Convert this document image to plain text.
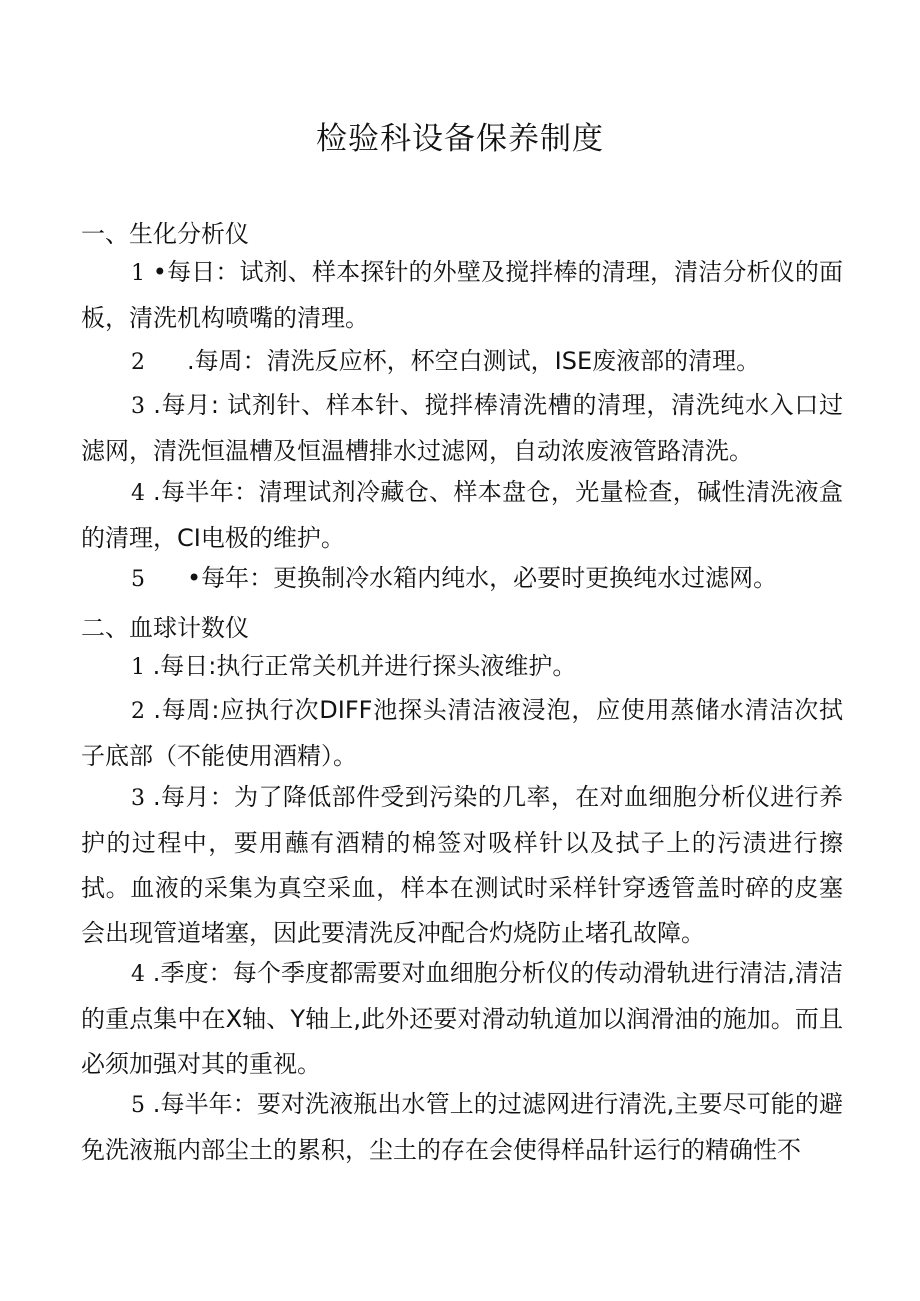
检验科设备保养制度
一、生化分析仪

1 •每日：试剂、样本探针的外壁及搅拌棒的清理，清洁分析仪的面板，清洗机构喷嘴的清理。

2 .每周：清洗反应杯，杯空白测试，ISE废液部的清理。

3 .每月: 试剂针、样本针、搅拌棒清洗槽的清理，清洗纯水入口过滤网，清洗恒温槽及恒温槽排水过滤网，自动浓废液管路清洗。

4 .每半年：清理试剂冷藏仓、样本盘仓，光量检查，碱性清洗液盒的清理，CI电极的维护。

5 •每年：更换制冷水箱内纯水，必要时更换纯水过滤网。

二、血球计数仪

1 .每日:执行正常关机并进行探头液维护。

2 .每周:应执行次DIFF池探头清洁液浸泡，应使用蒸储水清洁次拭子底部（不能使用酒精）。

3 .每月：为了降低部件受到污染的几率，在对血细胞分析仪进行养护的过程中，要用蘸有酒精的棉签对吸样针以及拭子上的污渍进行擦拭。血液的采集为真空采血，样本在测试时采样针穿透管盖时碎的皮塞会出现管道堵塞，因此要清洗反冲配合灼烧防止堵孔故障。

4 .季度：每个季度都需要对血细胞分析仪的传动滑轨进行清洁,清洁的重点集中在X轴、Y轴上,此外还要对滑动轨道加以润滑油的施加。而且必须加强对其的重视。

5 .每半年：要对洗液瓶出水管上的过滤网进行清洗,主要尽可能的避免洗液瓶内部尘土的累积，尘土的存在会使得样品针运行的精确性不
